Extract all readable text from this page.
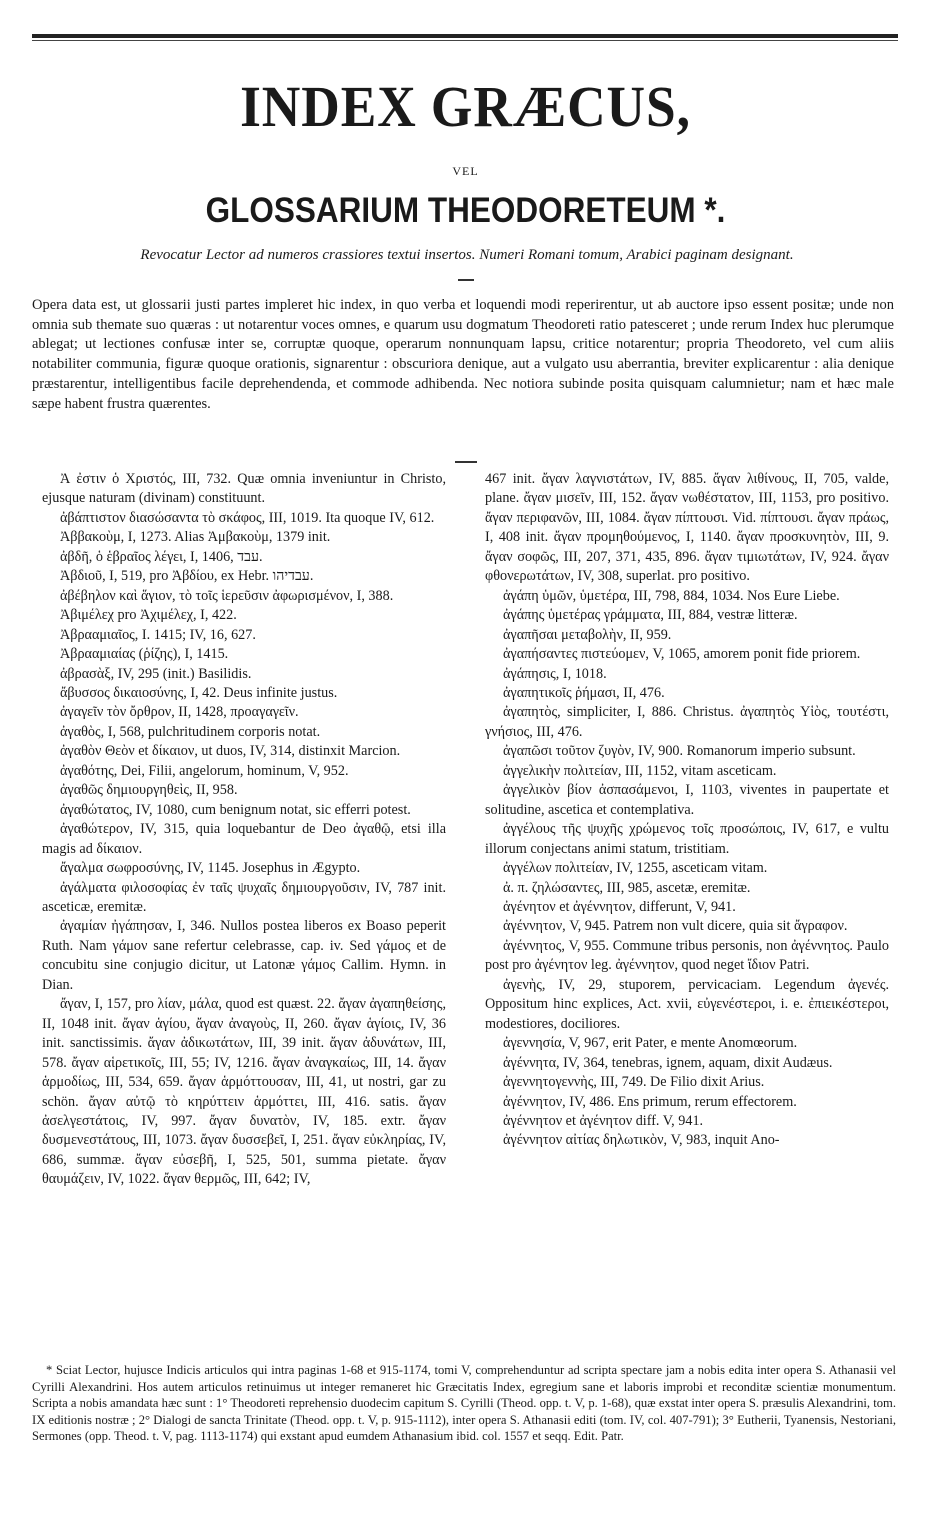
INDEX GRÆCUS,
VEL
GLOSSARIUM THEODORETEUM *.
Revocatur Lector ad numeros crassiores textui insertos. Numeri Romani tomum, Arabici paginam designant.
Opera data est, ut glossarii justi partes impleret hic index, in quo verba et loquendi modi reperirentur, ut ab auctore ipso essent positæ; unde non omnia sub themate suo quæras : ut notarentur voces omnes, e quarum usu dogmatum Theodoreti ratio patesceret ; unde rerum Index huc plerumque ablegat; ut lectiones confusæ inter se, corruptæ quoque, operarum nonnunquam lapsu, critice notarentur; propria Theodoreto, vel cum aliis notabiliter communia, figuræ quoque orationis, signarentur : obscuriora denique, aut a vulgato usu aberrantia, breviter explicarentur : alia denique præstarentur, intelligentibus facile deprehendenda, et commode adhibenda. Nec notiora subinde posita quisquam calumnietur; nam et hæc male sæpe habent frustra quærentes.

Ἀ ἐστιν ὁ Χριστός, III, 732. Quæ omnia inveniuntur in Christo, ejusque naturam (divinam) constituunt.

ἀβάπτιστον διασώσαντα τὸ σκάφος, III, 1019. Ita quoque IV, 612.

Ἀββακοὺμ, I, 1273. Alias Ἀμβακοὺμ, 1379 init.

ἀβδῆ, ὁ ἑβραῖος λέγει, I, 1406, עבד.

Ἀβδιοῦ, I, 519, pro Ἀβδίου, ex Hebr. עבדיהו.

ἀβέβηλον καὶ ἅγιον, τὸ τοῖς ἱερεῦσιν ἀφωρισμένον, I, 388.

Ἀβιμέλεχ pro Ἀχιμέλεχ, I, 422.

Ἀβρααμιαῖος, I. 1415; IV, 16, 627.

Ἀβρααμιαίας (ῥίζης), I, 1415.

ἀβρασὰξ, IV, 295 (init.) Basilidis.

ἄβυσσος δικαιοσύνης, I, 42. Deus infinite justus.

ἀγαγεῖν τὸν ὄρθρον, II, 1428, προαγαγεῖν.

ἀγαθὸς, I, 568, pulchritudinem corporis notat.

ἀγαθὸν Θεὸν et δίκαιον, ut duos, IV, 314, distinxit Marcion.

ἀγαθότης, Dei, Filii, angelorum, hominum, V, 952.

ἀγαθῶς δημιουργηθεὶς, II, 958.

ἀγαθώτατος, IV, 1080, cum benignum notat, sic efferri potest.

ἀγαθώτερον, IV, 315, quia loquebantur de Deo ἀγαθῷ, etsi illa magis ad δίκαιον.

ἄγαλμα σωφροσύνης, IV, 1145. Josephus in Ægypto.

ἀγάλματα φιλοσοφίας ἐν ταῖς ψυχαῖς δημιουργοῦσιν, IV, 787 init. asceticæ, eremitæ.

ἀγαμίαν ἠγάπησαν, I, 346. Nullos postea liberos ex Boaso peperit Ruth. Nam γάμον sane refertur celebrasse, cap. iv. Sed γάμος et de concubitu sine conjugio dicitur, ut Latonæ γάμος Callim. Hymn. in Dian.

ἄγαν, I, 157, pro λίαν, μάλα, quod est quæst. 22. ἄγαν ἀγαπηθείσης, II, 1048 init. ἄγαν ἁγίου, ἄγαν ἀναγοὺς, II, 260. ἄγαν ἁγίοις, IV, 36 init. sanctissimis. ἄγαν ἀδικωτάτων, III, 39 init. ἄγαν ἀδυνάτων, III, 578. ἄγαν αἱρετικοῖς, III, 55; IV, 1216. ἄγαν ἀναγκαίως, III, 14. ἄγαν ἁρμοδίως, III, 534, 659. ἄγαν ἁρμόττουσαν, III, 41, ut nostri, gar zu schön. ἄγαν αὐτῷ τὸ κηρύττειν ἁρμόττει, III, 416. satis. ἄγαν ἀσελγεστάτοις, IV, 997. ἄγαν δυνατὸν, IV, 185. extr. ἄγαν δυσμενεστάτους, III, 1073. ἄγαν δυσσεβεῖ, I, 251. ἄγαν εὐκληρίας, IV, 686, summæ. ἄγαν εὐσεβῆ, I, 525, 501, summa pietate. ἄγαν θαυμάζειν, IV, 1022. ἄγαν θερμῶς, III, 642; IV,

467 init. ἄγαν λαγνιστάτων, IV, 885. ἄγαν λιθίνους, II, 705, valde, plane. ἄγαν μισεῖν, III, 152. ἄγαν νωθέστατον, III, 1153, pro positivo. ἄγαν περιφανῶν, III, 1084. ἄγαν πίπτουσι. Vid. πίπτουσι. ἄγαν πράως, I, 408 init. ἄγαν προμηθούμενος, I, 1140. ἄγαν προσκυνητὸν, III, 9. ἄγαν σοφῶς, III, 207, 371, 435, 896. ἄγαν τιμιωτάτων, IV, 924. ἄγαν φθονερωτάτων, IV, 308, superlat. pro positivo.

ἀγάπη ὑμῶν, ὑμετέρα, III, 798, 884, 1034. Nos Eure Liebe.

ἀγάπης ὑμετέρας γράμματα, III, 884, vestræ litteræ.

ἀγαπῆσαι μεταβολὴν, II, 959.

ἀγαπήσαντες πιστεύομεν, V, 1065, amorem ponit fide priorem.

ἀγάπησις, I, 1018.

ἀγαπητικοῖς ῥήμασι, II, 476.

ἀγαπητὸς, simpliciter, I, 886. Christus. ἀγαπητὸς Υἱὸς, τουτέστι, γνήσιος, III, 476.

ἀγαπῶσι τοῦτον ζυγὸν, IV, 900. Romanorum imperio subsunt.

ἀγγελικὴν πολιτείαν, III, 1152, vitam asceticam.

ἀγγελικὸν βίον ἀσπασάμενοι, I, 1103, viventes in paupertate et solitudine, ascetica et contemplativa.

ἀγγέλους τῆς ψυχῆς χρώμενος τοῖς προσώποις, IV, 617, e vultu illorum conjectans animi statum, tristitiam.

ἀγγέλων πολιτείαν, IV, 1255, asceticam vitam.

ἀ. π. ζηλώσαντες, III, 985, ascetæ, eremitæ.

ἀγένητον et ἀγέννητον, differunt, V, 941.

ἀγέννητον, V, 945. Patrem non vult dicere, quia sit ἄγραφον.

ἀγέννητος, V, 955. Commune tribus personis, non ἀγέννητος. Paulo post pro ἀγένητον leg. ἀγέννητον, quod neget ἴδιον Patri.

ἀγενὴς, IV, 29, stuporem, pervicaciam. Legendum ἀγενές. Oppositum hinc explices, Act. xvii, εὐγενέστεροι, i. e. ἐπιεικέστεροι, modestiores, dociliores.

ἀγεννησία, V, 967, erit Pater, e mente Anomœorum.

ἀγέννητα, IV, 364, tenebras, ignem, aquam, dixit Audæus.

ἀγεννητογεννὴς, III, 749. De Filio dixit Arius.

ἀγέννητον, IV, 486. Ens primum, rerum effectorem.

ἀγέννητον et ἀγένητον diff. V, 941.

ἀγέννητον αἰτίας δηλωτικὸν, V, 983, inquit Ano-

* Sciat Lector, hujusce Indicis articulos qui intra paginas 1-68 et 915-1174, tomi V, comprehenduntur ad scripta spectare jam a nobis edita inter opera S. Athanasii vel Cyrilli Alexandrini. Hos autem articulos retinuimus ut integer remaneret hic Græcitatis Index, egregium sane et laboris improbi et reconditæ scientiæ monumentum. Scripta a nobis amandata hæc sunt : 1° Theodoreti reprehensio duodecim capitum S. Cyrilli (Theod. opp. t. V, p. 1-68), quæ exstat inter opera S. præsulis Alexandrini, tom. IX editionis nostræ ; 2° Dialogi de sancta Trinitate (Theod. opp. t. V, p. 915-1112), inter opera S. Athanasii editi (tom. IV, col. 407-791); 3° Eutherii, Tyanensis, Nestoriani, Sermones (opp. Theod. t. V, pag. 1113-1174) qui exstant apud eumdem Athanasium ibid. col. 1557 et seqq. Edit. Patr.
